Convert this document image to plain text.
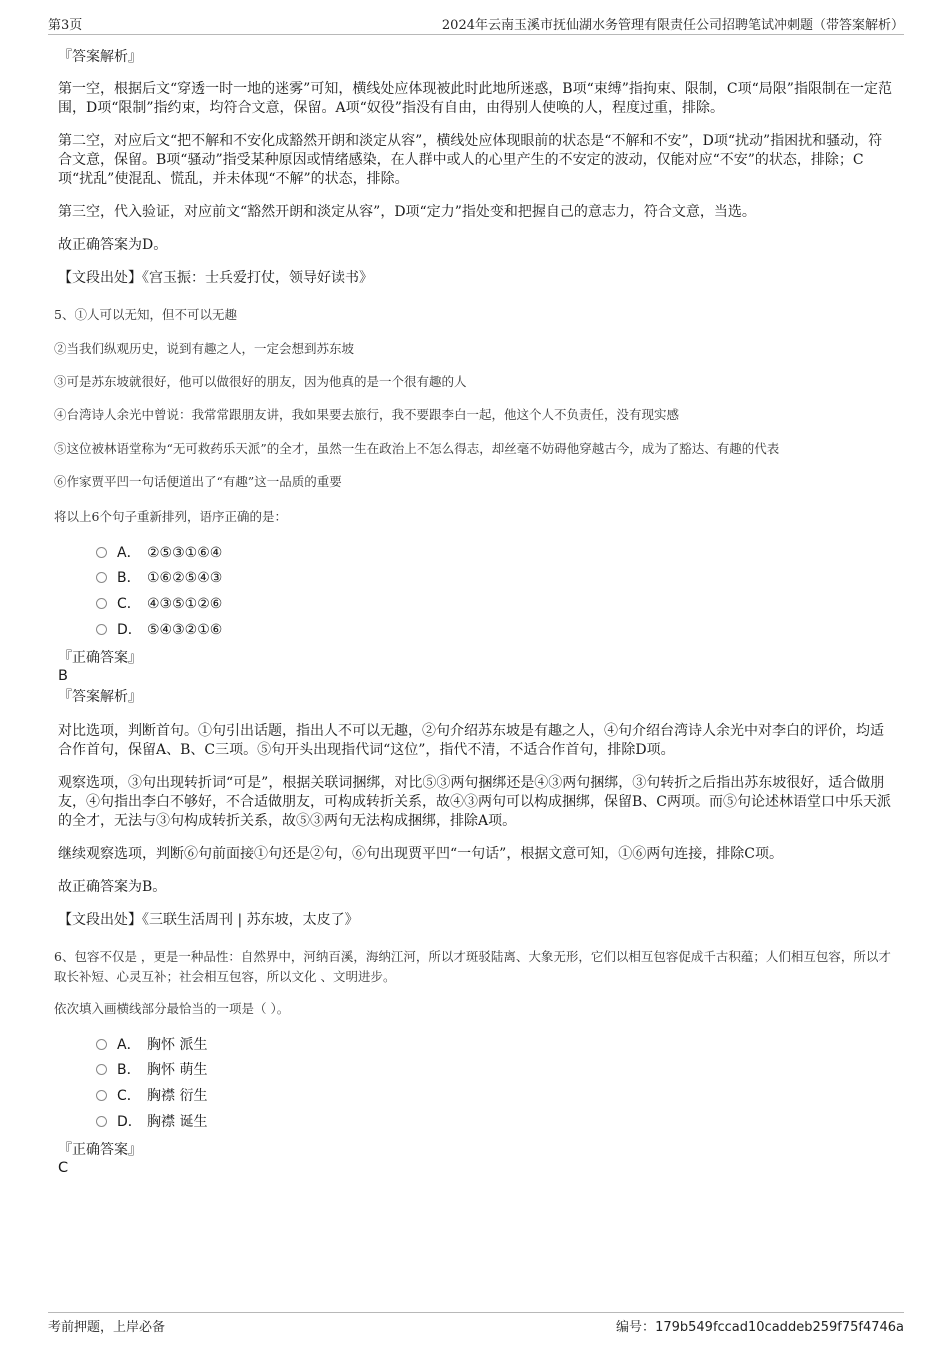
第3页	2024年云南玉溪市抚仙湖水务管理有限责任公司招聘笔试冲刺题（带答案解析）
『答案解析』
第一空，根据后文“穿透一时一地的迷雾”可知，横线处应体现被此时此地所迷惑，B项“束缚”指拘束、限制，C项“局限”指限制在一定范围，D项“限制”指约束，均符合文意，保留。A项“奴役”指没有自由，由得别人使唤的人，程度过重，排除。
第二空，对应后文“把不解和不安化成豁然开朗和淡定从容”，横线处应体现眼前的状态是“不解和不安”，D项“扰动”指困扰和骚动，符合文意，保留。B项“骚动”指受某种原因或情绪感染，在人群中或人的心里产生的不安定的波动，仅能对应“不安”的状态，排除；C项“扰乱”使混乱、慌乱，并未体现“不解”的状态，排除。
第三空，代入验证，对应前文“豁然开朗和淡定从容”，D项“定力”指处变和把握自己的意志力，符合文意，当选。
故正确答案为D。
【文段出处】《宫玉振：士兵爱打仗，领导好读书》
5、①人可以无知，但不可以无趣
②当我们纵观历史，说到有趣之人，一定会想到苏东坡
③可是苏东坡就很好，他可以做很好的朋友，因为他真的是一个很有趣的人
④台湾诗人余光中曾说：我常常跟朋友讲，我如果要去旅行，我不要跟李白一起，他这个人不负责任，没有现实感
⑤这位被林语堂称为“无可救药乐天派”的全才，虽然一生在政治上不怎么得志，却丝毫不妨碍他穿越古今，成为了豁达、有趣的代表
⑥作家贾平凹一句话便道出了“有趣”这一品质的重要
将以上6个句子重新排列，语序正确的是：
A． ②⑤③①⑥④
B． ①⑥②⑤④③
C． ④③⑤①②⑥
D． ⑤④③②①⑥
『正确答案』
B
『答案解析』
对比选项，判断首句。①句引出话题，指出人不可以无趣，②句介绍苏东坡是有趣之人，④句介绍台湾诗人余光中对李白的评价，均适合作首句，保留A、B、C三项。⑤句开头出现指代词“这位”，指代不清，不适合作首句，排除D项。
观察选项，③句出现转折词“可是”，根据关联词捆绑，对比⑤③两句捆绑还是④③两句捆绑，③句转折之后指出苏东坡很好，适合做朋友，④句指出李白不够好，不合适做朋友，可构成转折关系，故④③两句可以构成捆绑，保留B、C两项。而⑤句论述林语堂口中乐天派的全才，无法与③句构成转折关系，故⑤③两句无法构成捆绑，排除A项。
继续观察选项，判断⑥句前面接①句还是②句，⑥句出现贾平凹“一句话”，根据文意可知，①⑥两句连接，排除C项。
故正确答案为B。
【文段出处】《三联生活周刊 | 苏东坡，太皮了》
6、包容不仅是 ，更是一种品性：自然界中，河纳百溪，海纳江河，所以才斑驳陆离、大象无形，它们以相互包容促成千古积蕴；人们相互包容，所以才取长补短、心灵互补；社会相互包容，所以文化 、文明进步。
依次填入画横线部分最恰当的一项是（ ）。
A． 胸怀 派生
B． 胸怀 萌生
C． 胸襟 衍生
D． 胸襟 诞生
『正确答案』
C
考前押题，上岸必备	编号：179b549fccad10caddeb259f75f4746a
